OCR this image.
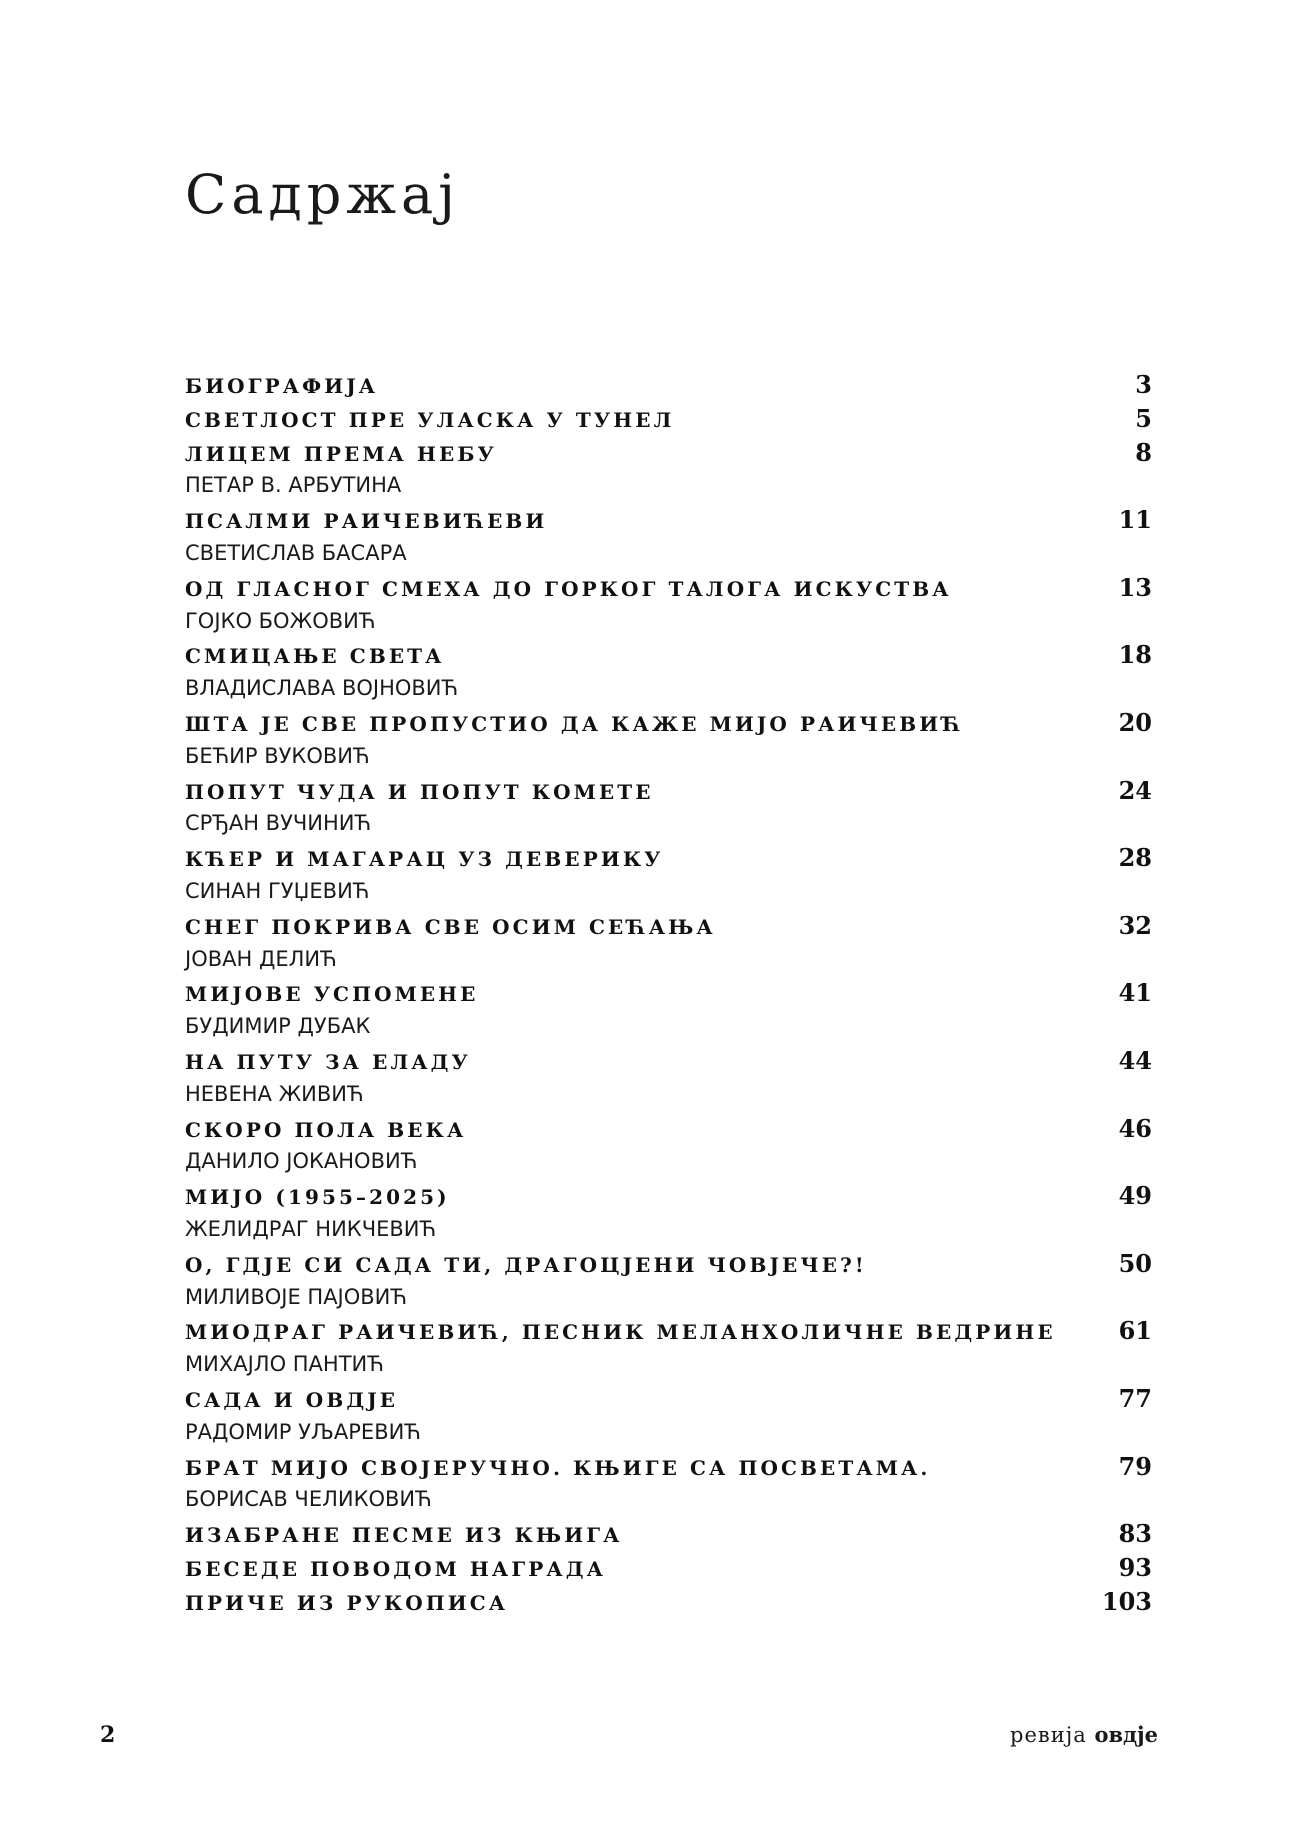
Садржај
БИОГРАФИЈА	3
СВЕТЛОСТ ПРЕ УЛАСКА У ТУНЕЛ	5
ЛИЦЕМ ПРЕМА НЕБУ	8
ПЕТАР В. АРБУТИНА
ПСАЛМИ РАИЧЕВИЋЕВИ	11
СВЕТИСЛАВ БАСАРА
ОД ГЛАСНОГ СМЕХА ДО ГОРКОГ ТАЛОГА ИСКУСТВА	13
ГОЈКО БОЖОВИЋ
СМИЦАЊЕ СВЕТА	18
ВЛАДИСЛАВА ВОЈНОВИЋ
ШТА ЈЕ СВЕ ПРОПУСТИО ДА КАЖЕ МИЈО РАИЧЕВИЋ	20
БЕЋИР ВУКОВИЋ
ПОПУТ ЧУДА И ПОПУТ КОМЕТЕ	24
СРЂАН ВУЧИНИЋ
КЋЕР И МАГАРАЦ УЗ ДЕВЕРИКУ	28
СИНАН ГУЏЕВИЋ
СНЕГ ПОКРИВА СВЕ ОСИМ СЕЋАЊА	32
ЈОВАН ДЕЛИЋ
МИЈОВЕ УСПОМЕНЕ	41
БУДИМИР ДУБАК
НА ПУТУ ЗА ЕЛАДУ	44
НЕВЕНА ЖИВИЋ
СКОРО ПОЛА ВЕКА	46
ДАНИЛО ЈОКАНОВИЋ
МИЈО (1955–2025)	49
ЖЕЛИДРАГ НИКЧЕВИЋ
О, ГДЈЕ СИ САДА ТИ, ДРАГОЦЈЕНИ ЧОВЈЕЧЕ?!	50
МИЛИВОЈЕ ПАЈОВИЋ
МИОДРАГ РАИЧЕВИЋ, ПЕСНИК МЕЛАНХОЛИЧНЕ ВЕДРИНЕ	61
МИХАЈЛО ПАНТИЋ
САДА И ОВДЈЕ	77
РАДОМИР УЉАРЕВИЋ
БРАТ МИЈО СВОЈЕРУЧНО. КЊИГЕ СА ПОСВЕТАМА.	79
БОРИСАВ ЧЕЛИКОВИЋ
ИЗАБРАНЕ ПЕСМЕ ИЗ КЊИГА	83
БЕСЕДЕ ПОВОДОМ НАГРАДА	93
ПРИЧЕ ИЗ РУКОПИСА	103
2	ревија овдје
